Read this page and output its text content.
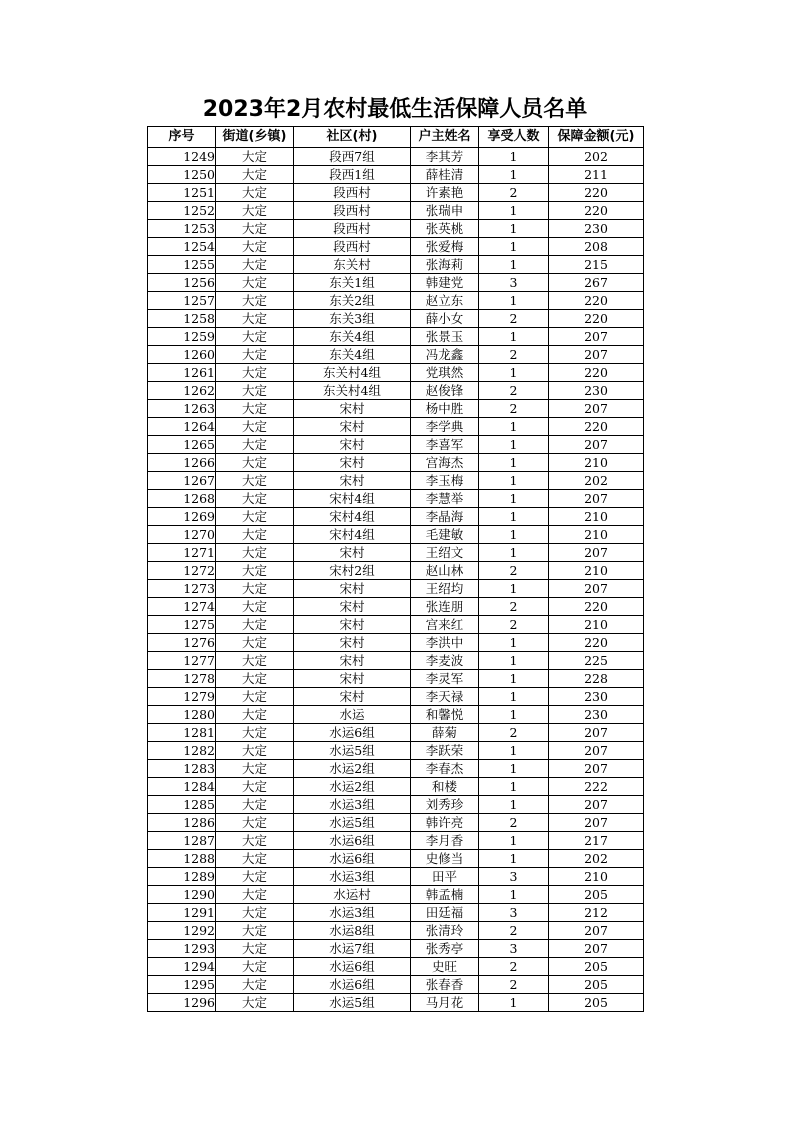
2023年2月农村最低生活保障人员名单
序号	街道(乡镇)	社区(村)	户主姓名	享受人数	保障金额(元)
1249	大定	段西7组	李其芳	1	202
1250	大定	段西1组	薛桂清	1	211
1251	大定	段西村	许素艳	2	220
1252	大定	段西村	张瑞申	1	220
1253	大定	段西村	张英桃	1	230
1254	大定	段西村	张爱梅	1	208
1255	大定	东关村	张海莉	1	215
1256	大定	东关1组	韩建党	3	267
1257	大定	东关2组	赵立东	1	220
1258	大定	东关3组	薛小女	2	220
1259	大定	东关4组	张景玉	1	207
1260	大定	东关4组	冯龙鑫	2	207
1261	大定	东关村4组	党琪然	1	220
1262	大定	东关村4组	赵俊锋	2	230
1263	大定	宋村	杨中胜	2	207
1264	大定	宋村	李学典	1	220
1265	大定	宋村	李喜军	1	207
1266	大定	宋村	宫海杰	1	210
1267	大定	宋村	李玉梅	1	202
1268	大定	宋村4组	李慧举	1	207
1269	大定	宋村4组	李晶海	1	210
1270	大定	宋村4组	毛建敏	1	210
1271	大定	宋村	王绍文	1	207
1272	大定	宋村2组	赵山林	2	210
1273	大定	宋村	王绍均	1	207
1274	大定	宋村	张连朋	2	220
1275	大定	宋村	宫来红	2	210
1276	大定	宋村	李洪中	1	220
1277	大定	宋村	李麦波	1	225
1278	大定	宋村	李灵军	1	228
1279	大定	宋村	李天禄	1	230
1280	大定	水运	和馨悦	1	230
1281	大定	水运6组	薛菊	2	207
1282	大定	水运5组	李跃荣	1	207
1283	大定	水运2组	李春杰	1	207
1284	大定	水运2组	和楼	1	222
1285	大定	水运3组	刘秀珍	1	207
1286	大定	水运5组	韩许亮	2	207
1287	大定	水运6组	李月香	1	217
1288	大定	水运6组	史修当	1	202
1289	大定	水运3组	田平	3	210
1290	大定	水运村	韩孟楠	1	205
1291	大定	水运3组	田廷福	3	212
1292	大定	水运8组	张清玲	2	207
1293	大定	水运7组	张秀亭	3	207
1294	大定	水运6组	史旺	2	205
1295	大定	水运6组	张春香	2	205
1296	大定	水运5组	马月花	1	205
